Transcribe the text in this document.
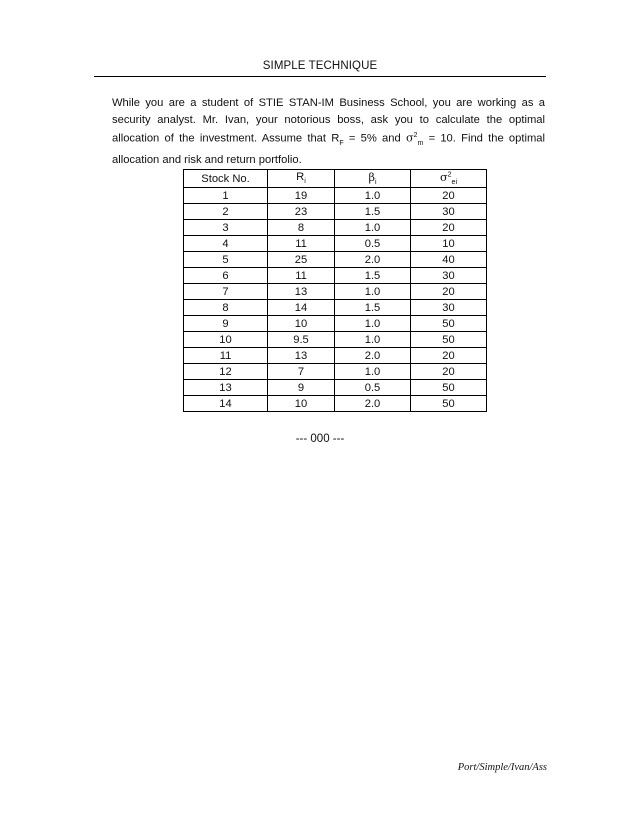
SIMPLE TECHNIQUE
While you are a student of STIE STAN-IM Business School, you are working as a security analyst. Mr. Ivan, your notorious boss, ask you to calculate the optimal allocation of the investment. Assume that $R_F = 5\%$ and $\sigma^2_m = 10$. Find the optimal allocation and risk and return portfolio.
Stock No.	$R_i$	$\beta_i$	$\sigma^2_{ei}$
1	19	1.0	20
2	23	1.5	30
3	8	1.0	20
4	11	0.5	10
5	25	2.0	40
6	11	1.5	30
7	13	1.0	20
8	14	1.5	30
9	10	1.0	50
10	9.5	1.0	50
11	13	2.0	20
12	7	1.0	20
13	9	0.5	50
14	10	2.0	50
--- 000 ---
Port/Simple/Ivan/Ass
